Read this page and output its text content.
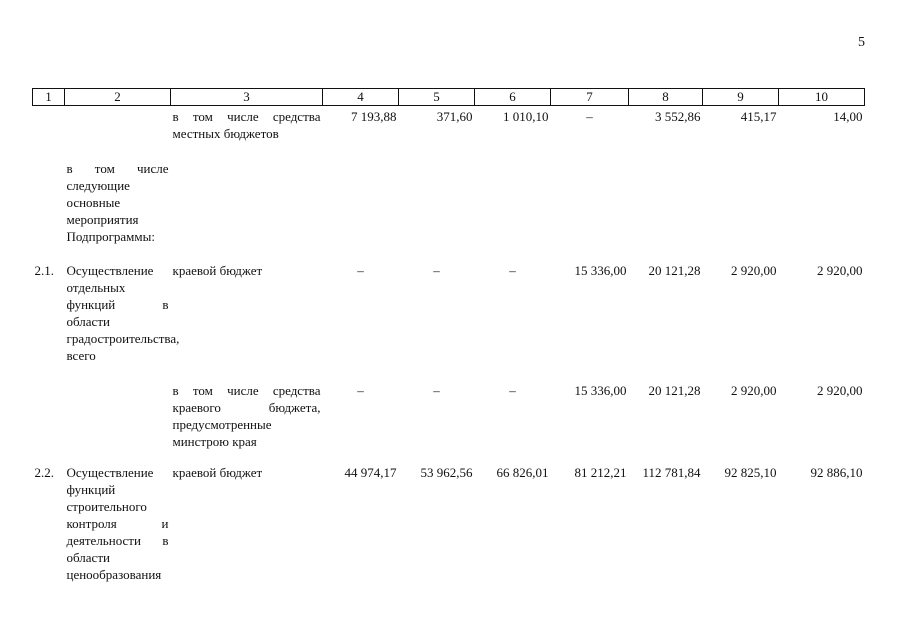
5
1	2	3	4	5	6	7	8	9	10
		в том числе средства местных бюджетов	7 193,88	371,60	1 010,10	–	3 552,86	415,17	14,00
	в том числе следующие основные мероприятия Подпрограммы:								
2.1.	Осуществление отдельных функций в области градостроительства, всего	краевой бюджет	–	–	–	15 336,00	20 121,28	2 920,00	2 920,00
		в том числе средства краевого бюджета, предусмотренные минстрою края	–	–	–	15 336,00	20 121,28	2 920,00	2 920,00
2.2.	Осуществление функций строительного контроля и деятельности в области ценообразования	краевой бюджет	44 974,17	53 962,56	66 826,01	81 212,21	112 781,84	92 825,10	92 886,10
